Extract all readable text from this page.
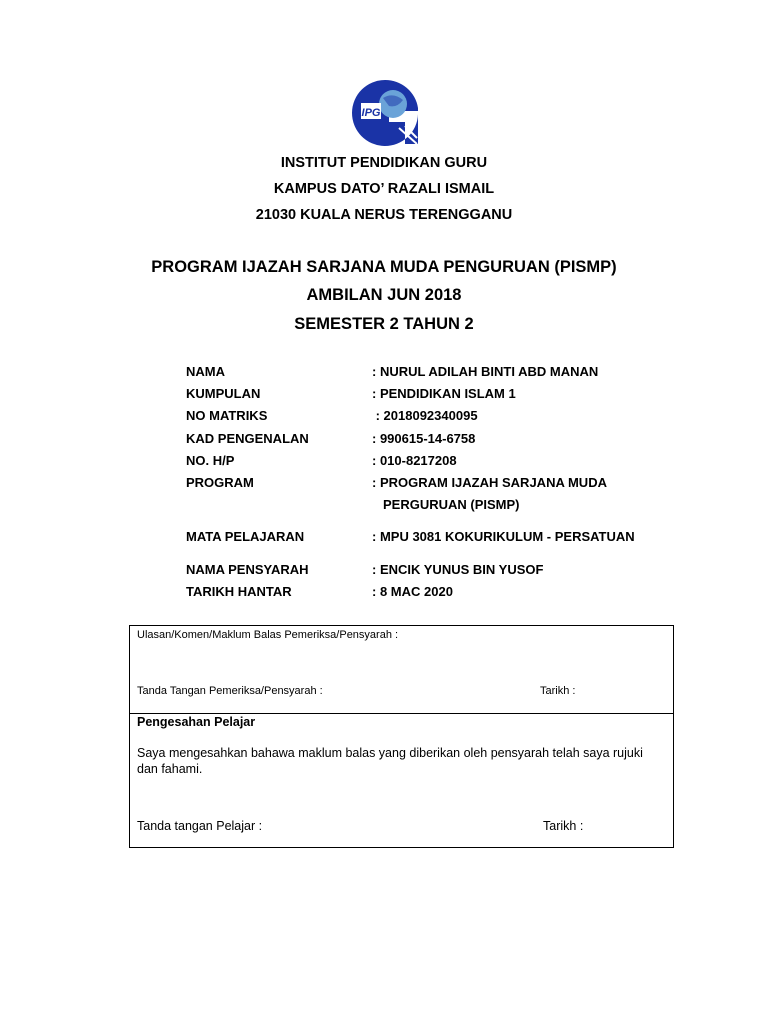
IPG
INSTITUT PENDIDIKAN GURU
KAMPUS DATO’ RAZALI ISMAIL
21030 KUALA NERUS TERENGGANU
PROGRAM IJAZAH SARJANA MUDA PENGURUAN (PISMP)
AMBILAN JUN 2018
SEMESTER 2 TAHUN 2
NAMA	: NURUL ADILAH BINTI ABD MANAN
KUMPULAN	: PENDIDIKAN ISLAM 1
NO MATRIKS	: 2018092340095
KAD PENGENALAN	: 990615-14-6758
NO. H/P	: 010-8217208
PROGRAM	: PROGRAM IJAZAH SARJANA MUDA
PERGURUAN (PISMP)
MATA PELAJARAN	: MPU 3081 KOKURIKULUM - PERSATUAN
NAMA PENSYARAH	: ENCIK YUNUS BIN YUSOF
TARIKH HANTAR	: 8 MAC 2020
Ulasan/Komen/Maklum Balas Pemeriksa/Pensyarah :
Tanda Tangan Pemeriksa/Pensyarah :	Tarikh :
Pengesahan Pelajar
Saya mengesahkan bahawa maklum balas yang diberikan oleh pensyarah telah saya rujuki dan fahami.
Tanda tangan Pelajar :	Tarikh :
